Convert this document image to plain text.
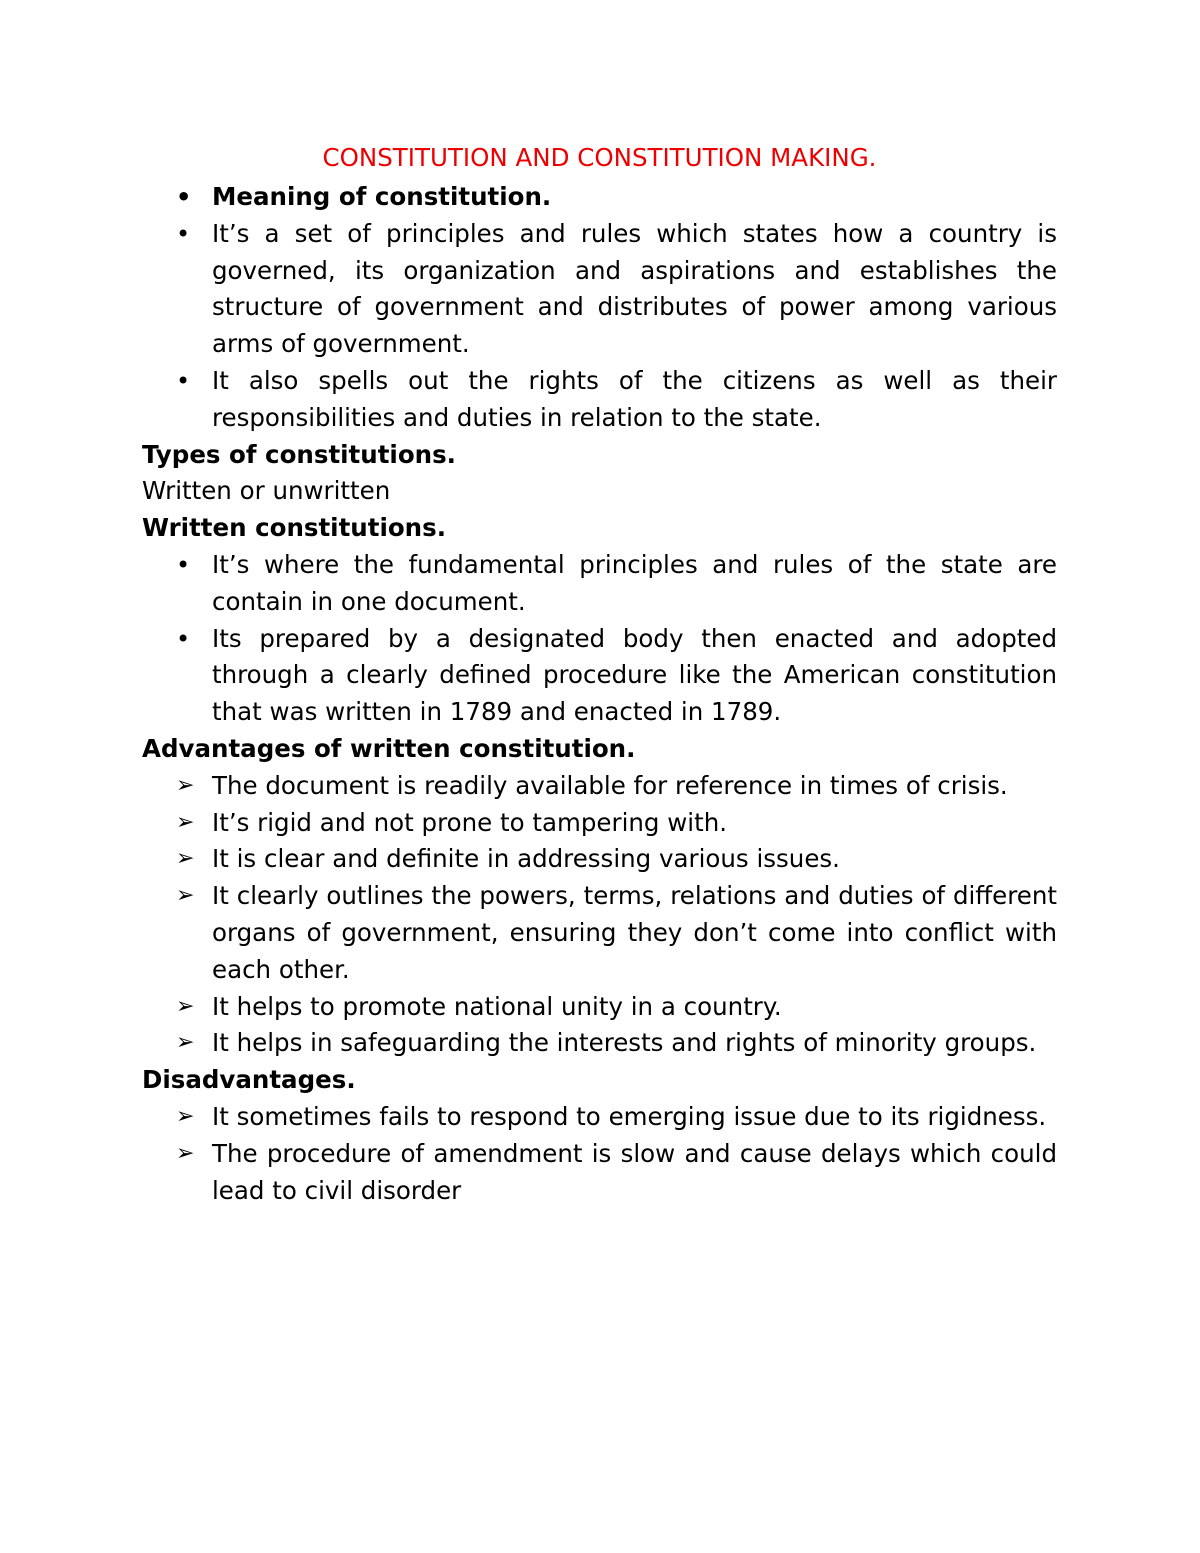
CONSTITUTION AND CONSTITUTION MAKING.
• Meaning of constitution.
• It’s a set of principles and rules which states how a country is governed, its organization and aspirations and establishes the structure of government and distributes of power among various arms of government.
• It also spells out the rights of the citizens as well as their responsibilities and duties in relation to the state.

Types of constitutions.

Written or unwritten

Written constitutions.

• It’s where the fundamental principles and rules of the state are contain in one document.
• Its prepared by a designated body then enacted and adopted through a clearly defined procedure like the American constitution that was written in 1789 and enacted in 1789.

Advantages of written constitution.

➢ The document is readily available for reference in times of crisis.
➢ It’s rigid and not prone to tampering with.
➢ It is clear and definite in addressing various issues.
➢ It clearly outlines the powers, terms, relations and duties of different organs of government, ensuring they don’t come into conflict with each other.
➢ It helps to promote national unity in a country.
➢ It helps in safeguarding the interests and rights of minority groups.

Disadvantages.

➢ It sometimes fails to respond to emerging issue due to its rigidness.
➢ The procedure of amendment is slow and cause delays which could lead to civil disorder
